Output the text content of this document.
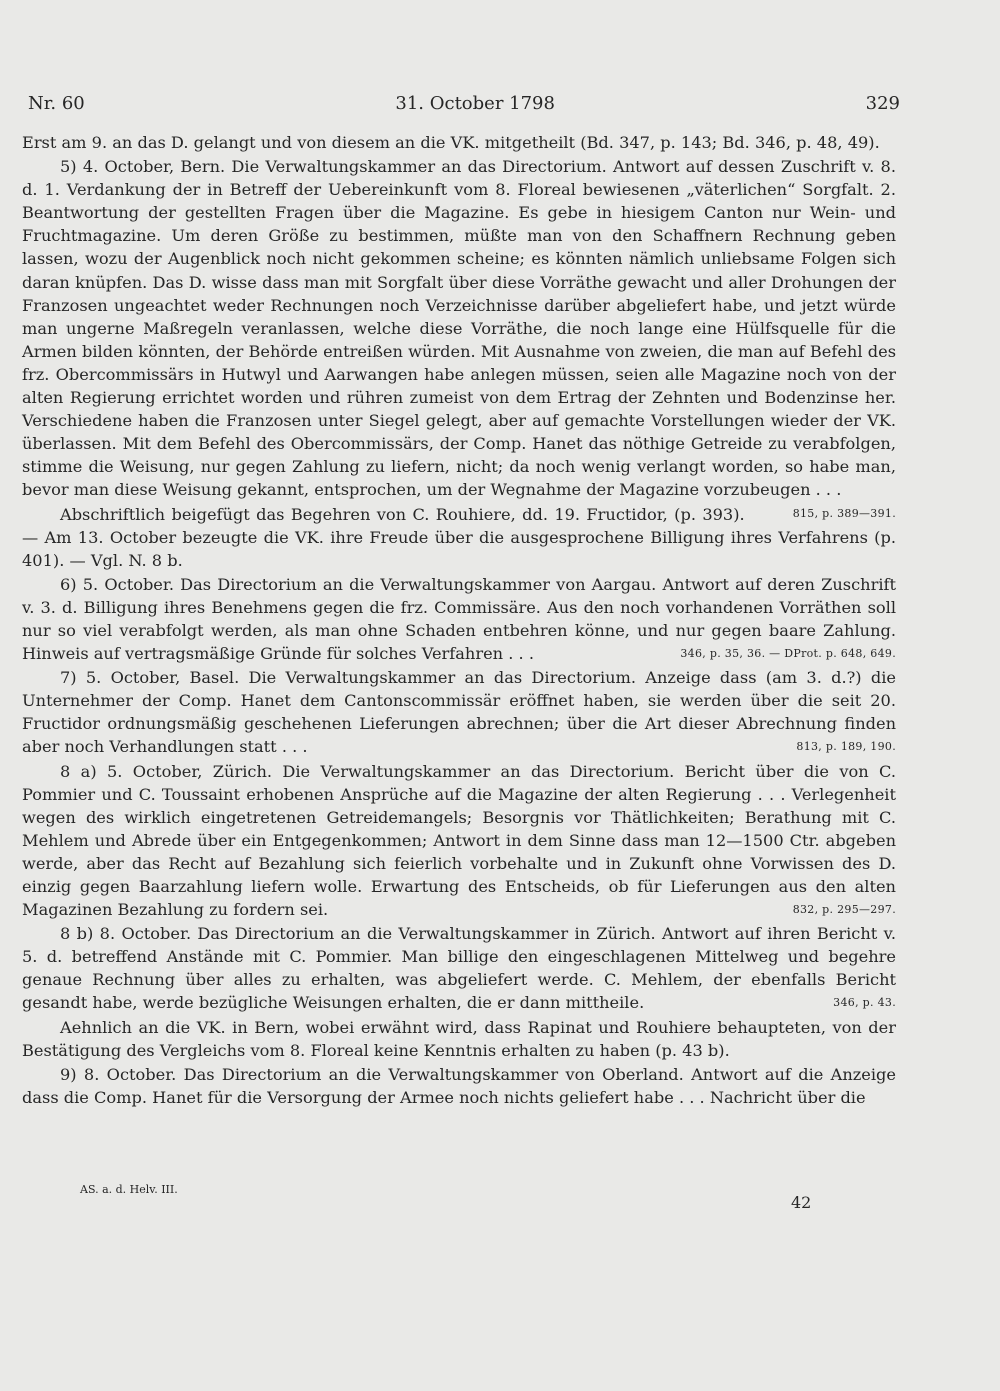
Nr. 60	31. October 1798	329

Erst am 9. an das D. gelangt und von diesem an die VK. mitgetheilt (Bd. 347, p. 143; Bd. 346, p. 48, 49).

5) 4. October, Bern. Die Verwaltungskammer an das Directorium. Antwort auf dessen Zuschrift v. 8. d. 1. Verdankung der in Betreff der Uebereinkunft vom 8. Floreal bewiesenen „väterlichen“ Sorgfalt. 2. Beantwortung der gestellten Fragen über die Magazine. Es gebe in hiesigem Canton nur Wein- und Fruchtmagazine. Um deren Größe zu bestimmen, müßte man von den Schaffnern Rechnung geben lassen, wozu der Augenblick noch nicht gekommen scheine; es könnten nämlich unliebsame Folgen sich daran knüpfen. Das D. wisse dass man mit Sorgfalt über diese Vorräthe gewacht und aller Drohungen der Franzosen ungeachtet weder Rechnungen noch Verzeichnisse darüber abgeliefert habe, und jetzt würde man ungerne Maßregeln veranlassen, welche diese Vorräthe, die noch lange eine Hülfsquelle für die Armen bilden könnten, der Behörde entreißen würden. Mit Ausnahme von zweien, die man auf Befehl des frz. Obercommissärs in Hutwyl und Aarwangen habe anlegen müssen, seien alle Magazine noch von der alten Regierung errichtet worden und rühren zumeist von dem Ertrag der Zehnten und Bodenzinse her. Verschiedene haben die Franzosen unter Siegel gelegt, aber auf gemachte Vorstellungen wieder der VK. überlassen. Mit dem Befehl des Obercommissärs, der Comp. Hanet das nöthige Getreide zu verabfolgen, stimme die Weisung, nur gegen Zahlung zu liefern, nicht; da noch wenig verlangt worden, so habe man, bevor man diese Weisung gekannt, entsprochen, um der Wegnahme der Magazine vorzubeugen . . .
815, p. 389—391.

Abschriftlich beigefügt das Begehren von C. Rouhiere, dd. 19. Fructidor, (p. 393). — Am 13. October bezeugte die VK. ihre Freude über die ausgesprochene Billigung ihres Verfahrens (p. 401). — Vgl. N. 8 b.

6) 5. October. Das Directorium an die Verwaltungskammer von Aargau. Antwort auf deren Zuschrift v. 3. d. Billigung ihres Benehmens gegen die frz. Commissäre. Aus den noch vorhandenen Vorräthen soll nur so viel verabfolgt werden, als man ohne Schaden entbehren könne, und nur gegen baare Zahlung. Hinweis auf vertragsmäßige Gründe für solches Verfahren . . .	346, p. 35, 36. — DProt. p. 648, 649.

7) 5. October, Basel. Die Verwaltungskammer an das Directorium. Anzeige dass (am 3. d.?) die Unternehmer der Comp. Hanet dem Cantonscommissär eröffnet haben, sie werden über die seit 20. Fructidor ordnungsmäßig geschehenen Lieferungen abrechnen; über die Art dieser Abrechnung finden aber noch Verhandlungen statt . . .	813, p. 189, 190.

8 a) 5. October, Zürich. Die Verwaltungskammer an das Directorium. Bericht über die von C. Pommier und C. Toussaint erhobenen Ansprüche auf die Magazine der alten Regierung . . . Verlegenheit wegen des wirklich eingetretenen Getreidemangels; Besorgnis vor Thätlichkeiten; Berathung mit C. Mehlem und Abrede über ein Entgegenkommen; Antwort in dem Sinne dass man 12—1500 Ctr. abgeben werde, aber das Recht auf Bezahlung sich feierlich vorbehalte und in Zukunft ohne Vorwissen des D. einzig gegen Baarzahlung liefern wolle. Erwartung des Entscheids, ob für Lieferungen aus den alten Magazinen Bezahlung zu fordern sei.	832, p. 295—297.

8 b) 8. October. Das Directorium an die Verwaltungskammer in Zürich. Antwort auf ihren Bericht v. 5. d. betreffend Anstände mit C. Pommier. Man billige den eingeschlagenen Mittelweg und begehre genaue Rechnung über alles zu erhalten, was abgeliefert werde. C. Mehlem, der ebenfalls Bericht gesandt habe, werde bezügliche Weisungen erhalten, die er dann mittheile.	346, p. 43.

Aehnlich an die VK. in Bern, wobei erwähnt wird, dass Rapinat und Rouhiere behaupteten, von der Bestätigung des Vergleichs vom 8. Floreal keine Kenntnis erhalten zu haben (p. 43 b).

9) 8. October. Das Directorium an die Verwaltungskammer von Oberland. Antwort auf die Anzeige dass die Comp. Hanet für die Versorgung der Armee noch nichts geliefert habe . . . Nachricht über die

AS. a. d. Helv. III.
42
